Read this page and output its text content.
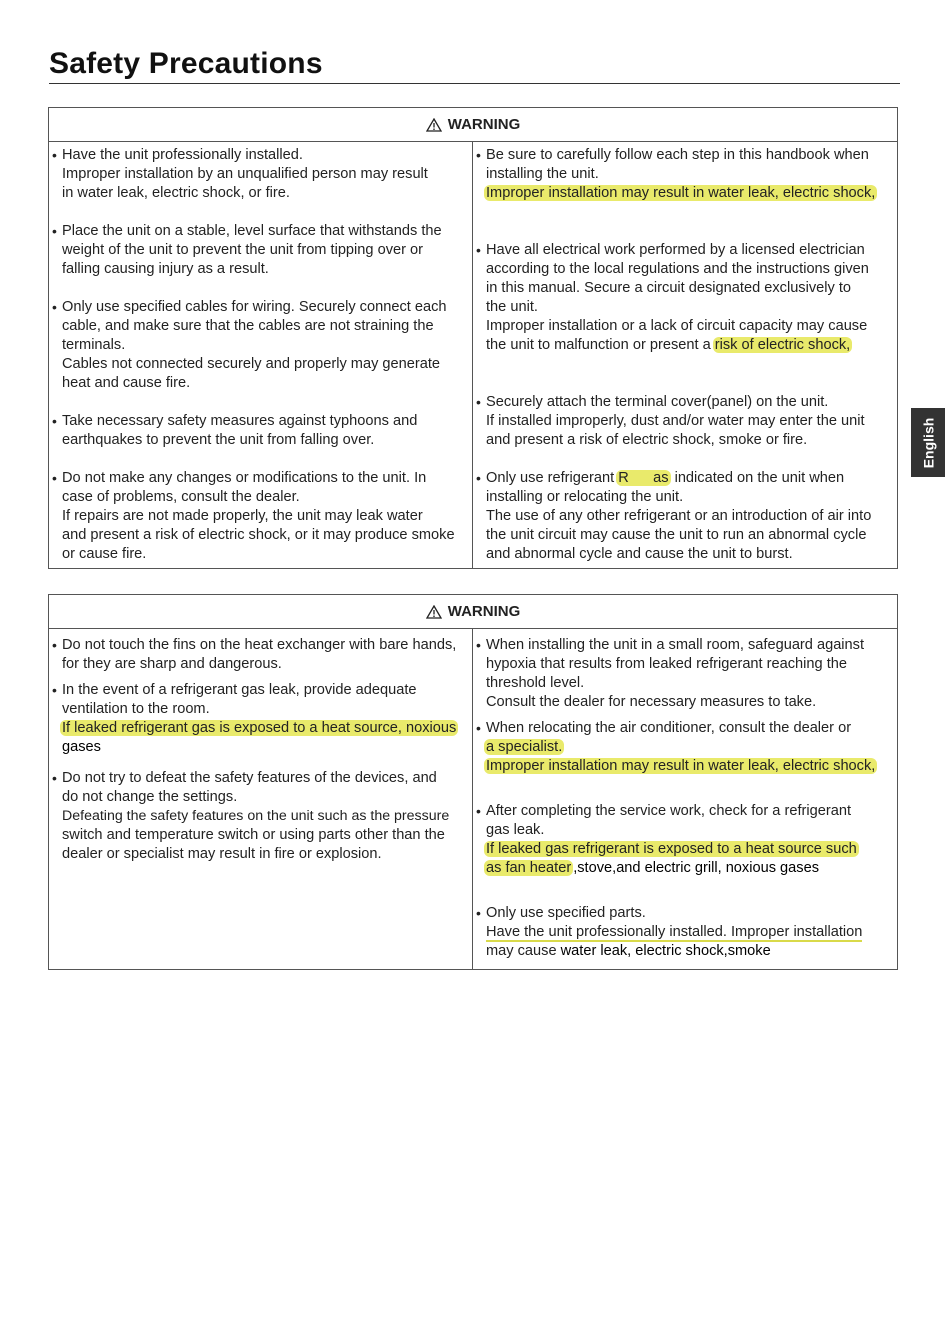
Safety Precautions
English
WARNING
• Have the unit professionally installed.
Improper installation by an unqualified person may result
in water leak, electric shock, or fire.
• Place the unit on a stable, level surface that withstands the
weight of the unit to prevent the unit from tipping over or
falling causing injury as a result.
• Only use specified cables for wiring. Securely connect each
cable, and make sure that the cables are not straining the
terminals.
Cables not connected securely and properly may generate
heat and cause fire.
• Take necessary safety measures against typhoons and
earthquakes to prevent the unit from falling over.
• Do not make any changes or modifications to the unit. In
case of problems, consult the dealer.
If repairs are not made properly, the unit may leak water
and present a risk of electric shock, or it may produce smoke
or cause fire.
• Be sure to carefully follow each step in this handbook when
installing the unit.
Improper installation may result in water leak, electric shock,
• Have all electrical work performed by a licensed electrician
according to the local regulations and the instructions given
in this manual. Secure a circuit designated exclusively to
the unit.
Improper installation or a lack of circuit capacity may cause
the unit to malfunction or present a risk of electric shock,
• Securely attach the terminal cover(panel) on the unit.
If installed improperly, dust and/or water may enter the unit
and present a risk of electric shock, smoke or fire.
• Only use refrigerant R      as indicated on the unit when
installing or relocating the unit.
The use of any other refrigerant or an introduction of air into
the unit circuit may cause the unit to run an abnormal cycle
and abnormal cycle and cause the unit to burst.
WARNING
• Do not touch the fins on the heat exchanger with bare hands,
for they are sharp and dangerous.
• In the event of a refrigerant gas leak, provide adequate
ventilation to the room.
If leaked refrigerant gas is exposed to a heat source, noxious
gases
• Do not try to defeat the safety features of the devices, and
do not change the settings.
Defeating the safety features on the unit such as the pressure
switch and temperature switch or using parts other than the
dealer or specialist may result in fire or explosion.
• When installing the unit in a small room, safeguard against
hypoxia that results from leaked refrigerant reaching the
threshold level.
Consult the dealer for necessary measures to take.
• When relocating the air conditioner, consult the dealer or
a specialist.
Improper installation may result in water leak, electric shock,
• After completing the service work, check for a refrigerant
gas leak.
If leaked gas refrigerant is exposed to a heat source such
as fan heater ,stove,and electric grill, noxious gases
• Only use specified parts.
Have the unit professionally installed. Improper installation
may cause water leak, electric shock,smoke
